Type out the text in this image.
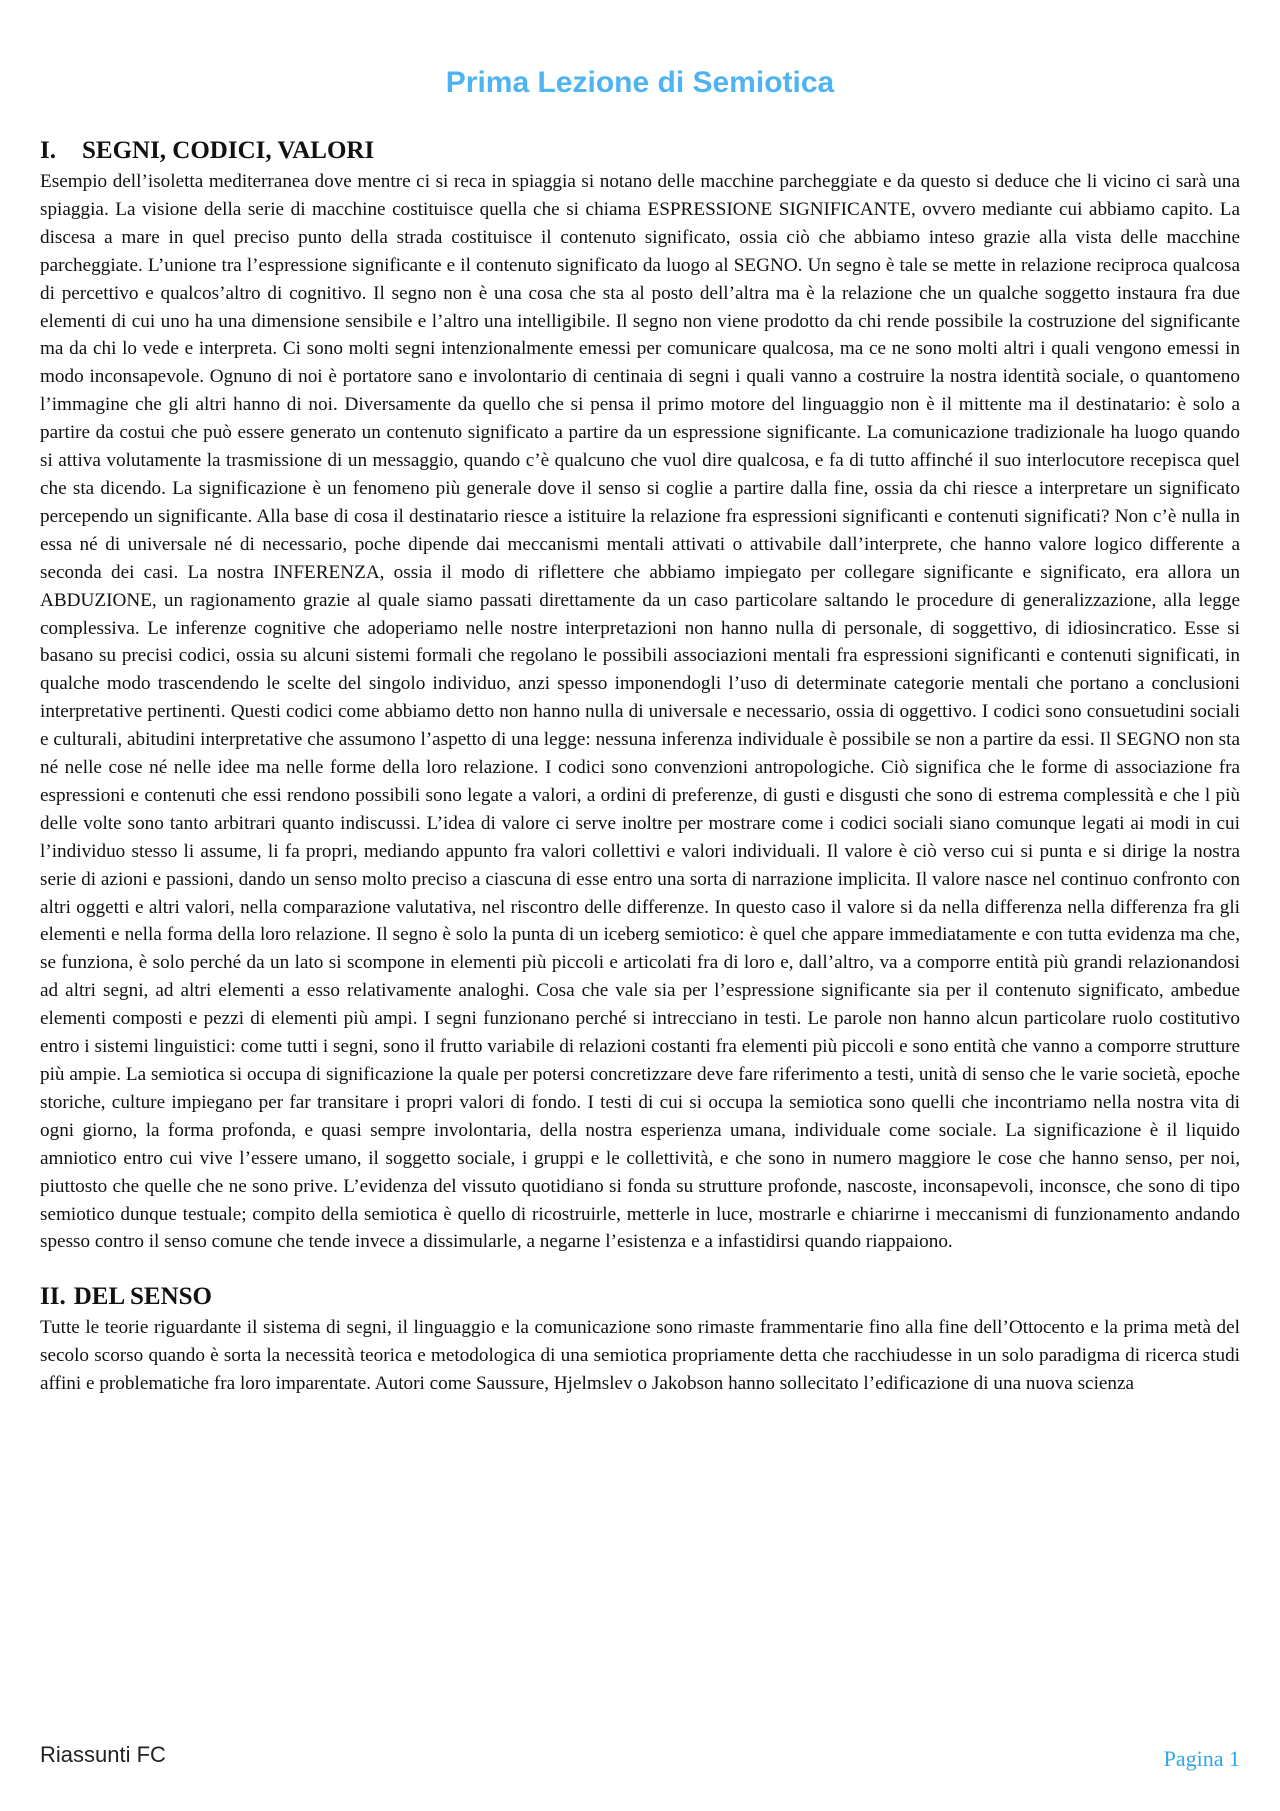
Prima Lezione di Semiotica
I. SEGNI, CODICI, VALORI

Esempio dell’isoletta mediterranea dove mentre ci si reca in spiaggia si notano delle macchine parcheggiate e da questo si deduce che li vicino ci sarà una spiaggia. La visione della serie di macchine costituisce quella che si chiama ESPRESSIONE SIGNIFICANTE, ovvero mediante cui abbiamo capito. La discesa a mare in quel preciso punto della strada costituisce il contenuto significato, ossia ciò che abbiamo inteso grazie alla vista delle macchine parcheggiate. L’unione tra l’espressione significante e il contenuto significato da luogo al SEGNO. Un segno è tale se mette in relazione reciproca qualcosa di percettivo e qualcos’altro di cognitivo. Il segno non è una cosa che sta al posto dell’altra ma è la relazione che un qualche soggetto instaura fra due elementi di cui uno ha una dimensione sensibile e l’altro una intelligibile. Il segno non viene prodotto da chi rende possibile la costruzione del significante ma da chi lo vede e interpreta. Ci sono molti segni intenzionalmente emessi per comunicare qualcosa, ma ce ne sono molti altri i quali vengono emessi in modo inconsapevole. Ognuno di noi è portatore sano e involontario di centinaia di segni i quali vanno a costruire la nostra identità sociale, o quantomeno l’immagine che gli altri hanno di noi. Diversamente da quello che si pensa il primo motore del linguaggio non è il mittente ma il destinatario: è solo a partire da costui che può essere generato un contenuto significato a partire da un espressione significante. La comunicazione tradizionale ha luogo quando si attiva volutamente la trasmissione di un messaggio, quando c’è qualcuno che vuol dire qualcosa, e fa di tutto affinché il suo interlocutore recepisca quel che sta dicendo. La significazione è un fenomeno più generale dove il senso si coglie a partire dalla fine, ossia da chi riesce a interpretare un significato percependo un significante. Alla base di cosa il destinatario riesce a istituire la relazione fra espressioni significanti e contenuti significati? Non c’è nulla in essa né di universale né di necessario, poche dipende dai meccanismi mentali attivati o attivabile dall’interprete, che hanno valore logico differente a seconda dei casi. La nostra INFERENZA, ossia il modo di riflettere che abbiamo impiegato per collegare significante e significato, era allora un ABDUZIONE, un ragionamento grazie al quale siamo passati direttamente da un caso particolare saltando le procedure di generalizzazione, alla legge complessiva. Le inferenze cognitive che adoperiamo nelle nostre interpretazioni non hanno nulla di personale, di soggettivo, di idiosincratico. Esse si basano su precisi codici, ossia su alcuni sistemi formali che regolano le possibili associazioni mentali fra espressioni significanti e contenuti significati, in qualche modo trascendendo le scelte del singolo individuo, anzi spesso imponendogli l’uso di determinate categorie mentali che portano a conclusioni interpretative pertinenti. Questi codici come abbiamo detto non hanno nulla di universale e necessario, ossia di oggettivo. I codici sono consuetudini sociali e culturali, abitudini interpretative che assumono l’aspetto di una legge: nessuna inferenza individuale è possibile se non a partire da essi. Il SEGNO non sta né nelle cose né nelle idee ma nelle forme della loro relazione. I codici sono convenzioni antropologiche. Ciò significa che le forme di associazione fra espressioni e contenuti che essi rendono possibili sono legate a valori, a ordini di preferenze, di gusti e disgusti che sono di estrema complessità e che l più delle volte sono tanto arbitrari quanto indiscussi. L’idea di valore ci serve inoltre per mostrare come i codici sociali siano comunque legati ai modi in cui l’individuo stesso li assume, li fa propri, mediando appunto fra valori collettivi e valori individuali. Il valore è ciò verso cui si punta e si dirige la nostra serie di azioni e passioni, dando un senso molto preciso a ciascuna di esse entro una sorta di narrazione implicita. Il valore nasce nel continuo confronto con altri oggetti e altri valori, nella comparazione valutativa, nel riscontro delle differenze. In questo caso il valore si da nella differenza nella differenza fra gli elementi e nella forma della loro relazione. Il segno è solo la punta di un iceberg semiotico: è quel che appare immediatamente e con tutta evidenza ma che, se funziona, è solo perché da un lato si scompone in elementi più piccoli e articolati fra di loro e, dall’altro, va a comporre entità più grandi relazionandosi ad altri segni, ad altri elementi a esso relativamente analoghi. Cosa che vale sia per l’espressione significante sia per il contenuto significato, ambedue elementi composti e pezzi di elementi più ampi. I segni funzionano perché si intrecciano in testi. Le parole non hanno alcun particolare ruolo costitutivo entro i sistemi linguistici: come tutti i segni, sono il frutto variabile di relazioni costanti fra elementi più piccoli e sono entità che vanno a comporre strutture più ampie. La semiotica si occupa di significazione la quale per potersi concretizzare deve fare riferimento a testi, unità di senso che le varie società, epoche storiche, culture impiegano per far transitare i propri valori di fondo. I testi di cui si occupa la semiotica sono quelli che incontriamo nella nostra vita di ogni giorno, la forma profonda, e quasi sempre involontaria, della nostra esperienza umana, individuale come sociale. La significazione è il liquido amniotico entro cui vive l’essere umano, il soggetto sociale, i gruppi e le collettività, e che sono in numero maggiore le cose che hanno senso, per noi, piuttosto che quelle che ne sono prive. L’evidenza del vissuto quotidiano si fonda su strutture profonde, nascoste, inconsapevoli, inconsce, che sono di tipo semiotico dunque testuale; compito della semiotica è quello di ricostruirle, metterle in luce, mostrarle e chiarirne i meccanismi di funzionamento andando spesso contro il senso comune che tende invece a dissimularle, a negarne l’esistenza e a infastidirsi quando riappaiono.

II. DEL SENSO

Tutte le teorie riguardante il sistema di segni, il linguaggio e la comunicazione sono rimaste frammentarie fino alla fine dell’Ottocento e la prima metà del secolo scorso quando è sorta la necessità teorica e metodologica di una semiotica propriamente detta che racchiudesse in un solo paradigma di ricerca studi affini e problematiche fra loro imparentate. Autori come Saussure, Hjelmslev o Jakobson hanno sollecitato l’edificazione di una nuova scienza

Riassunti FC	Pagina 1
